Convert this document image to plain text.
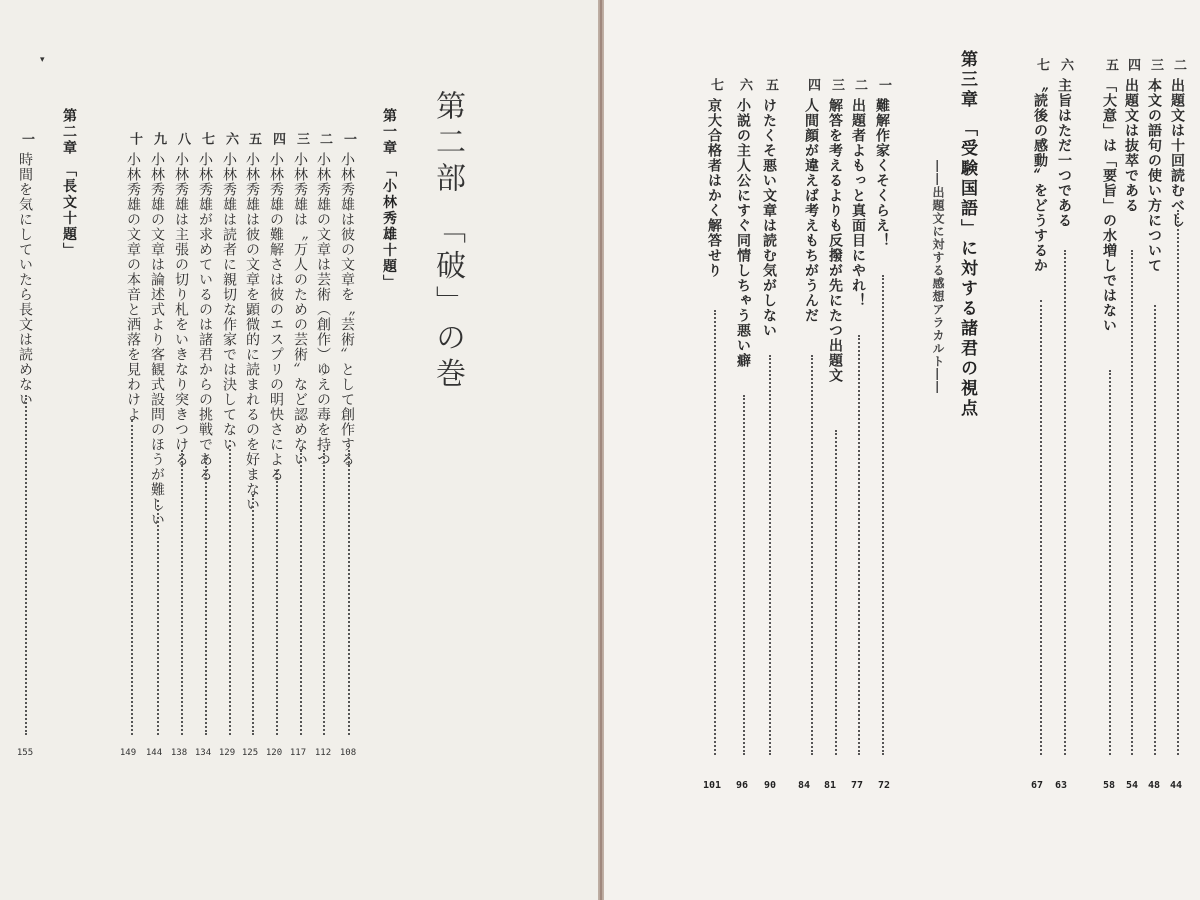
▾
第二部 「破」の巻
第一章 「小林秀雄十題」
第二章 「長文十題」	一
小林秀雄は彼の文章を〝芸術〟として創作する
108
二
小林秀雄の文章は芸術（創作）ゆえの毒を持つ
112
三
小林秀雄は〝万人のための芸術〟など認めない
117
四
小林秀雄の難解さは彼のエスプリの明快さによる
120
五
小林秀雄は彼の文章を顕微的に読まれるのを好まない
125
六
小林秀雄は読者に親切な作家では決してない
129
七
小林秀雄が求めているのは諸君からの挑戦である
134
八
小林秀雄は主張の切り札をいきなり突きつける
138
九
小林秀雄の文章は論述式より客観式設問のほうが難しい
144
十
小林秀雄の文章の本音と洒落を見わけよ
149
一
時間を気にしていたら長文は読めない
155
二
出題文は十回読むべし
44
三
本文の語句の使い方について
48
四
出題文は抜萃である
54
五
「大意」は「要旨」の水増しではない
58
六
主旨はただ一つである
63
七
〝読後の感動〟をどうするか
67
第三章 「受験国語」に対する諸君の視点
――出題文に対する感想アラカルト――
一
難解作家くそくらえ！
72
二
出題者よもっと真面目にやれ！
77
三
解答を考えるよりも反撥が先にたつ出題文
81
四
人間顔が違えば考えもちがうんだ
84
五
けたくそ悪い文章は読む気がしない
90
六
小説の主人公にすぐ同情しちゃう悪い癖
96
七
京大合格者はかく解答せり
101
